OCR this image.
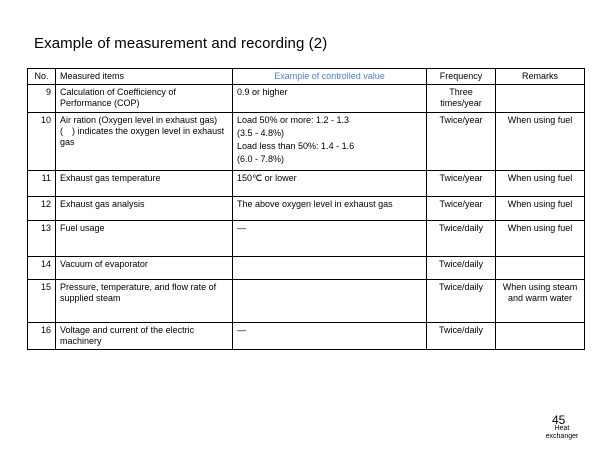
Example of measurement and recording (2)
No.	Measured items	Example of controlled value	Frequency	Remarks
9	Calculation of Coefficiency of Performance (COP)	0.9 or higher	Three times/year	
10	Air ration (Oxygen level in exhaust gas)
(　) indicates the oxygen level in exhaust gas	Load 50% or more: 1.2 - 1.3
(3.5 - 4.8%)
Load less than 50%: 1.4 - 1.6
(6.0 - 7.8%)	Twice/year	When using fuel
11	Exhaust gas temperature	150℃ or lower	Twice/year	When using fuel
12	Exhaust gas analysis	The above oxygen level in exhaust gas	Twice/year	When using fuel
13	Fuel usage	—	Twice/daily	When using fuel
14	Vacuum of evaporator		Twice/daily	
15	Pressure, temperature, and flow rate of supplied steam		Twice/daily	When using steam and warm water
16	Voltage and current of the electric machinery	—	Twice/daily	
45
Heat exchanger
